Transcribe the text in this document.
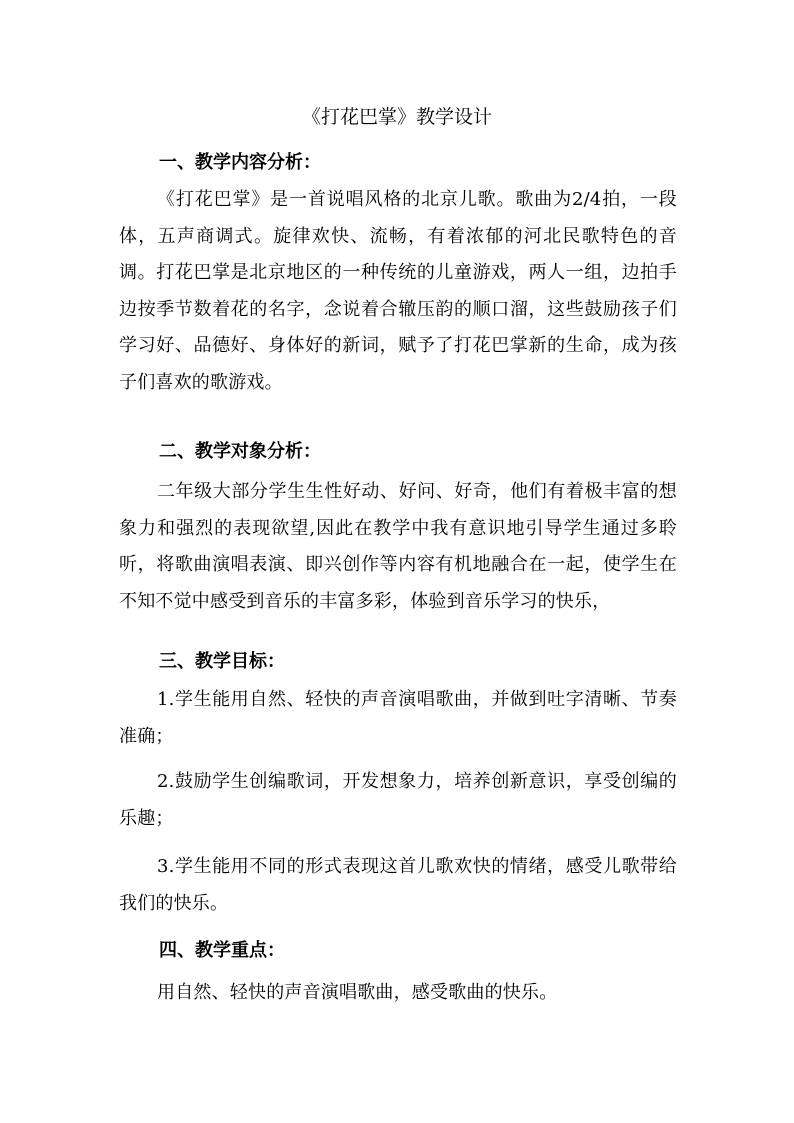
《打花巴掌》教学设计
一、教学内容分析：

《打花巴掌》是一首说唱风格的北京儿歌。歌曲为2/4拍，一段体，五声商调式。旋律欢快、流畅，有着浓郁的河北民歌特色的音调。打花巴掌是北京地区的一种传统的儿童游戏，两人一组，边拍手边按季节数着花的名字，念说着合辙压韵的顺口溜，这些鼓励孩子们学习好、品德好、身体好的新词，赋予了打花巴掌新的生命，成为孩子们喜欢的歌游戏。

二、教学对象分析：

二年级大部分学生生性好动、好问、好奇，他们有着极丰富的想象力和强烈的表现欲望,因此在教学中我有意识地引导学生通过多聆听，将歌曲演唱表演、即兴创作等内容有机地融合在一起，使学生在不知不觉中感受到音乐的丰富多彩，体验到音乐学习的快乐，

三、教学目标：

1.学生能用自然、轻快的声音演唱歌曲，并做到吐字清晰、节奏准确；

2.鼓励学生创编歌词，开发想象力，培养创新意识，享受创编的乐趣；

3.学生能用不同的形式表现这首儿歌欢快的情绪，感受儿歌带给我们的快乐。

四、教学重点：

用自然、轻快的声音演唱歌曲，感受歌曲的快乐。
